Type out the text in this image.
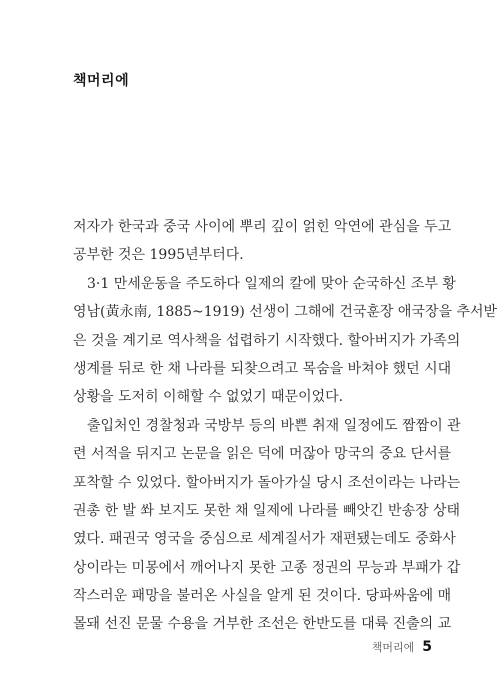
책머리에
저자가 한국과 중국 사이에 뿌리 깊이 얽힌 악연에 관심을 두고
공부한 것은 1995년부터다.
3·1 만세운동을 주도하다 일제의 칼에 맞아 순국하신 조부 황
영남(黃永南, 1885~1919) 선생이 그해에 건국훈장 애국장을 추서받
은 것을 계기로 역사책을 섭렵하기 시작했다. 할아버지가 가족의
생계를 뒤로 한 채 나라를 되찾으려고 목숨을 바쳐야 했던 시대
상황을 도저히 이해할 수 없었기 때문이었다.
출입처인 경찰청과 국방부 등의 바쁜 취재 일정에도 짬짬이 관
련 서적을 뒤지고 논문을 읽은 덕에 머잖아 망국의 중요 단서를
포착할 수 있었다. 할아버지가 돌아가실 당시 조선이라는 나라는
권총 한 발 쏴 보지도 못한 채 일제에 나라를 빼앗긴 반송장 상태
였다. 패권국 영국을 중심으로 세계질서가 재편됐는데도 중화사
상이라는 미몽에서 깨어나지 못한 고종 정권의 무능과 부패가 갑
작스러운 패망을 불러온 사실을 알게 된 것이다. 당파싸움에 매
몰돼 선진 문물 수용을 거부한 조선은 한반도를 대륙 진출의 교
책머리에 5
